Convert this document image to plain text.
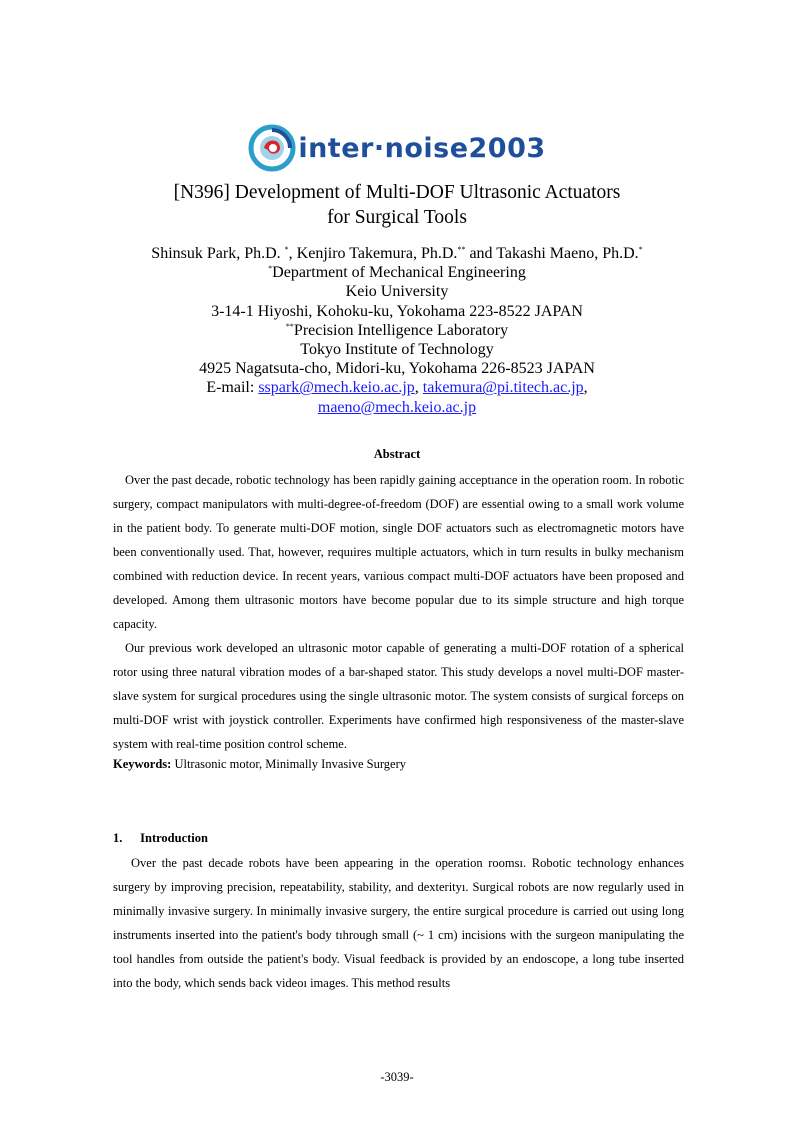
inter·noise2003
[N396] Development of Multi-DOF Ultrasonic Actuators
for Surgical Tools
Shinsuk Park, Ph.D. *, Kenjiro Takemura, Ph.D.** and Takashi Maeno, Ph.D.*
*Department of Mechanical Engineering
Keio University
3-14-1 Hiyoshi, Kohoku-ku, Yokohama 223-8522 JAPAN
**Precision Intelligence Laboratory
Tokyo Institute of Technology
4925 Nagatsuta-cho, Midori-ku, Yokohama 226-8523 JAPAN
E-mail: sspark@mech.keio.ac.jp, takemura@pi.titech.ac.jp,
maeno@mech.keio.ac.jp
Abstract

Over the past decade, robotic technology has been rapidly gaining acceptıance in the operation room. In robotic surgery, compact manipulators with multi-degree-of-freedom (DOF) are essential owing to a small work volume in the patient body. To generate multi-DOF motion, single DOF actuators such as electromagnetic motors have been conventionally used. That, however, requıires multiple actuators, which in turn results in bulky mechanism combined with reduction device. In recent years, varıious compact multi-DOF actuators have been proposed and developed. Among them ultrasonic moıtors have become popular due to its simple structure and high torque capacity.

Our previous work developed an ultrasonic motor capable of generating a multi-DOF rotation of a spherical rotor using three natural vibration modes of a bar-shaped stator. This study develops a novel multi-DOF master-slave system for surgical procedures using the single ultrasonic motor. The system consists of surgical forceps on multi-DOF wrist with joystick controller. Experiments have confirmed high responsiveness of the master-slave system with real-time position control scheme.

Keywords: Ultrasonic motor, Minimally Invasive Surgery
1. Introduction

Over the past decade robots have been appearing in the operation roomsı. Robotic technology enhances surgery by improving precision, repeatability, stability, and dexterityı. Surgical robots are now regularly used in minimally invasive surgery. In minimally invasive surgery, the entire surgical procedure is carried out using long instruments inserted into the patient's body tıhrough small (~ 1 cm) incisions with the surgeon manipulating the tool handles from outside the patient's body. Visual feedback is provided by an endoscope, a long tube inserted into the body, which sends back videoı images. This method results

-3039-
